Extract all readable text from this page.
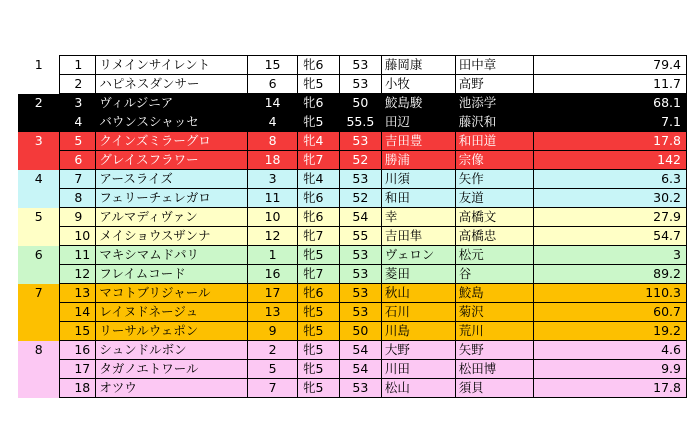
1	1	リメインサイレント	15	牝6	53	藤岡康	田中章	79.4
	2	ハピネスダンサー	6	牝5	53	小牧	高野	11.7
2	3	ヴィルジニア	14	牝6	50	鮫島駿	池添学	68.1
	4	バウンスシャッセ	4	牝5	55.5	田辺	藤沢和	7.1
3	5	クインズミラーグロ	8	牝4	53	吉田豊	和田道	17.8
	6	グレイスフラワー	18	牝7	52	勝浦	宗像	142
4	7	アースライズ	3	牝4	53	川須	矢作	6.3
	8	フェリーチェレガロ	11	牝6	52	和田	友道	30.2
5	9	アルマディヴァン	10	牝6	54	幸	高橋文	27.9
	10	メイショウスザンナ	12	牝7	55	吉田隼	高橋忠	54.7
6	11	マキシマムドパリ	1	牝5	53	ヴェロン	松元	3
	12	フレイムコード	16	牝7	53	菱田	谷	89.2
7	13	マコトブリジャール	17	牝6	53	秋山	鮫島	110.3
	14	レイヌドネージュ	13	牝5	53	石川	菊沢	60.7
	15	リーサルウェポン	9	牝5	50	川島	荒川	19.2
8	16	シュンドルボン	2	牝5	54	大野	矢野	4.6
	17	タガノエトワール	5	牝5	54	川田	松田博	9.9
	18	オツウ	7	牝5	53	松山	須貝	17.8
